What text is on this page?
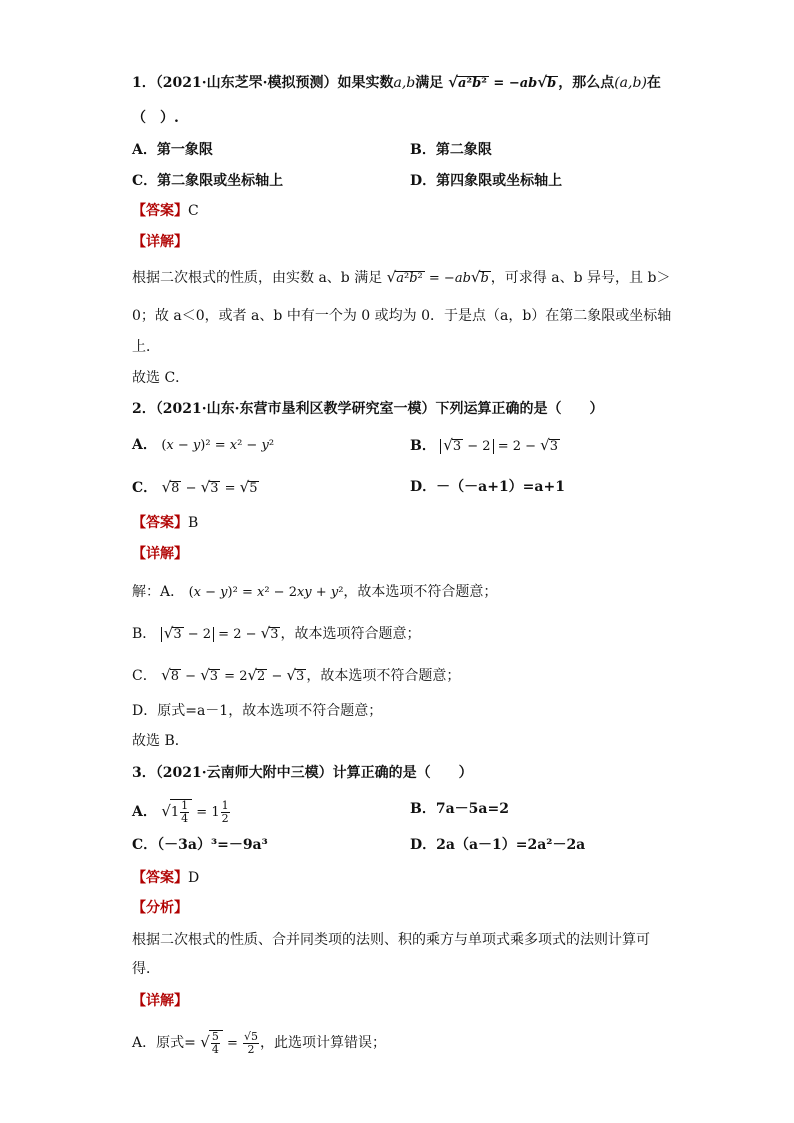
1．（2021·山东芝罘·模拟预测）如果实数a,b满足 √a²b² = −ab√b ，那么点(a,b)在
（　）.
A．第一象限	B．第二象限
C．第二象限或坐标轴上	D．第四象限或坐标轴上
【答案】C
【详解】
根据二次根式的性质，由实数 a、b 满足 √a²b² = −ab√b ，可求得 a、b 异号，且 b＞
0；故 a＜0，或者 a、b 中有一个为 0 或均为 0．于是点（a，b）在第二象限或坐标轴
上．
故选 C．
2．（2021·山东·东营市垦利区教学研究室一模）下列运算正确的是（　　）
A． (x − y)² = x² − y²	B． √3 − 2 = 2 − √3
C． √8 − √3 = √5	D．－（－a+1）=a+1
【答案】B
【详解】
解：A． (x − y)² = x² − 2xy + y²，故本选项不符合题意；
B． √3 − 2 = 2 − √3 ，故本选项符合题意；
C． √8 − √3 = 2√2 − √3 ，故本选项不符合题意；
D．原式=a－1，故本选项不符合题意；
故选 B．
3．（2021·云南师大附中三模）计算正确的是（　　）
A． $√1 \frac{1}{4} = 1 \frac{1}{2}$	B．7a－5a=2
C．（－3a）³=－9a³	D．2a（a－1）=2a²－2a
【答案】D
【分析】
根据二次根式的性质、合并同类项的法则、积的乘方与单项式乘多项式的法则计算可
得．
【详解】
A．原式= √ $\frac{5}{4} = \frac{√5}{2}$ ，此选项计算错误；
